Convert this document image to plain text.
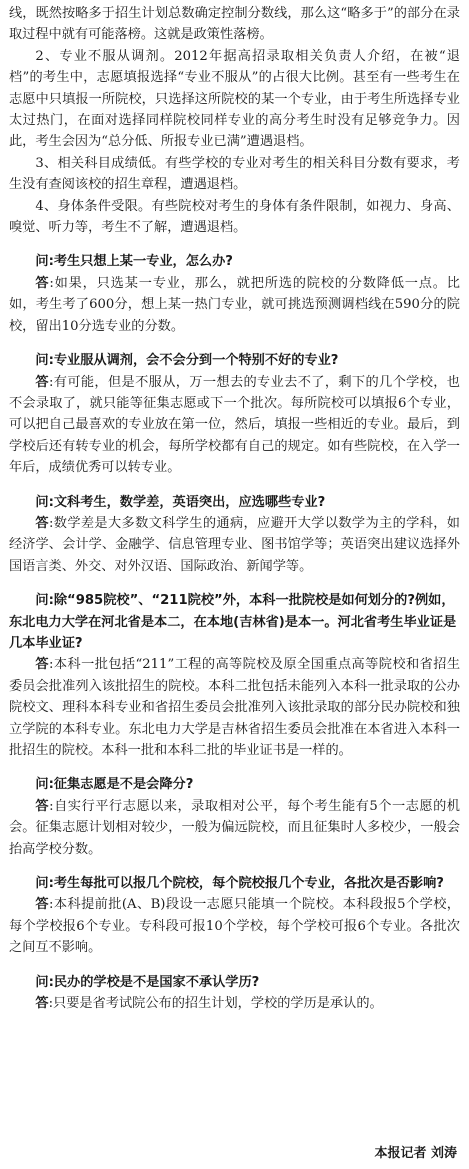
线，既然按略多于招生计划总数确定控制分数线，那么这“略多于”的部分在录取过程中就有可能落榜。这就是政策性落榜。

2、专业不服从调剂。2012年据高招录取相关负责人介绍，在被“退档”的考生中，志愿填报选择“专业不服从”的占很大比例。甚至有一些考生在志愿中只填报一所院校，只选择这所院校的某一个专业，由于考生所选择专业太过热门，在面对选择同样院校同样专业的高分考生时没有足够竞争力。因此，考生会因为“总分低、所报专业已满”遭遇退档。

3、相关科目成绩低。有些学校的专业对考生的相关科目分数有要求，考生没有查阅该校的招生章程，遭遇退档。

4、身体条件受限。有些院校对考生的身体有条件限制，如视力、身高、嗅觉、听力等，考生不了解，遭遇退档。

问:考生只想上某一专业，怎么办?

答:如果，只选某一专业，那么，就把所选的院校的分数降低一点。比如，考生考了600分，想上某一热门专业，就可挑选预测调档线在590分的院校，留出10分选专业的分数。

问:专业服从调剂，会不会分到一个特别不好的专业?

答:有可能，但是不服从，万一想去的专业去不了，剩下的几个学校，也不会录取了，就只能等征集志愿或下一个批次。每所院校可以填报6个专业，可以把自己最喜欢的专业放在第一位，然后，填报一些相近的专业。最后，到学校后还有转专业的机会，每所学校都有自己的规定。如有些院校，在入学一年后，成绩优秀可以转专业。

问:文科考生，数学差，英语突出，应选哪些专业?

答:数学差是大多数文科学生的通病，应避开大学以数学为主的学科，如经济学、会计学、金融学、信息管理专业、图书馆学等；英语突出建议选择外国语言类、外交、对外汉语、国际政治、新闻学等。

问:除“985院校”、“211院校”外，本科一批院校是如何划分的?例如，东北电力大学在河北省是本二，在本地(吉林省)是本一。河北省考生毕业证是几本毕业证?

答:本科一批包括“211”工程的高等院校及原全国重点高等院校和省招生委员会批准列入该批招生的院校。本科二批包括未能列入本科一批录取的公办院校文、理科本科专业和省招生委员会批准列入该批录取的部分民办院校和独立学院的本科专业。东北电力大学是吉林省招生委员会批准在本省进入本科一批招生的院校。本科一批和本科二批的毕业证书是一样的。

问:征集志愿是不是会降分?

答:自实行平行志愿以来，录取相对公平，每个考生能有5个一志愿的机会。征集志愿计划相对较少，一般为偏远院校，而且征集时人多校少，一般会抬高学校分数。

问:考生每批可以报几个院校，每个院校报几个专业，各批次是否影响?

答:本科提前批(A、B)段设一志愿只能填一个院校。本科段报5个学校，每个学校报6个专业。专科段可报10个学校，每个学校可报6个专业。各批次之间互不影响。

问:民办的学校是不是国家不承认学历?

答:只要是省考试院公布的招生计划，学校的学历是承认的。

本报记者 刘涛
